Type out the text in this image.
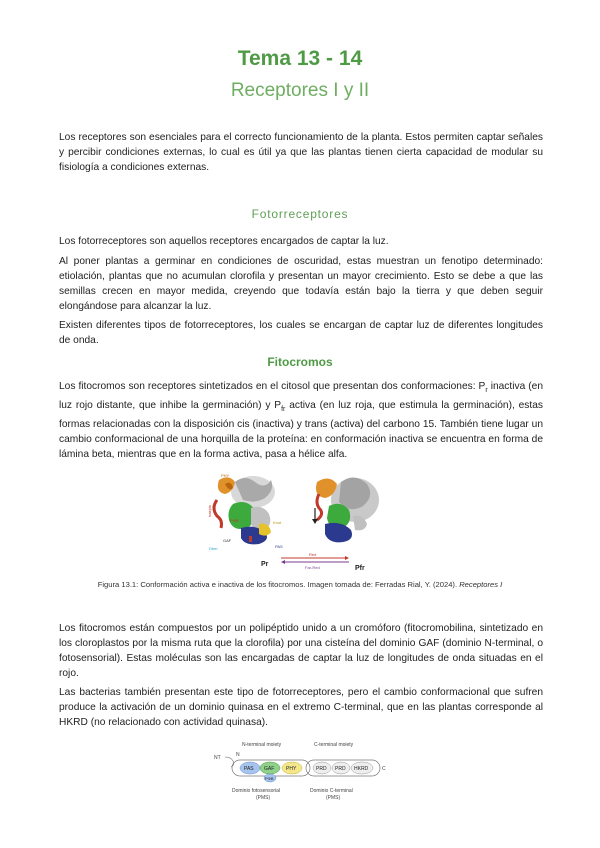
Tema 13 - 14
Receptores I y II

Los receptores son esenciales para el correcto funcionamiento de la planta. Estos permiten captar señales y percibir condiciones externas, lo cual es útil ya que las plantas tienen cierta capacidad de modular su fisiología a condiciones externas.

Fotorreceptores

Los fotorreceptores son aquellos receptores encargados de captar la luz.

Al poner plantas a germinar en condiciones de oscuridad, estas muestran un fenotipo determinado: etiolación, plantas que no acumulan clorofila y presentan un mayor crecimiento. Esto se debe a que las semillas crecen en mayor medida, creyendo que todavía están bajo la tierra y que deben seguir elongándose para alcanzar la luz.

Existen diferentes tipos de fotorreceptores, los cuales se encargan de captar luz de diferentes longitudes de onda.

Fitocromos

Los fitocromos son receptores sintetizados en el citosol que presentan dos conformaciones: $P_r$ inactiva (en luz rojo distante, que inhibe la germinación) y $P_{fr}$ activa (en luz roja, que estimula la germinación), estas formas relacionadas con la disposición cis (inactiva) y trans (activa) del carbono 15. También tiene lugar un cambio conformacional de una horquilla de la proteína: en conformación inactiva se encuentra en forma de lámina beta, mientras que en la forma activa, pasa a hélice alfa.

PHY
hairpin
PΦB
GAF
Dbm
Knot
PAS
Pr
Pfr
Red
Far-Red
Figura 13.1: Conformación activa e inactiva de los fitocromos. Imagen tomada de: Ferradas Rial, Y. (2024). Receptores I

Los fitocromos están compuestos por un polipéptido unido a un cromóforo (fitocromobilina, sintetizado en los cloroplastos por la misma ruta que la clorofila) por una cisteína del dominio GAF (dominio N-terminal, o fotosensorial). Estas moléculas son las encargadas de captar la luz de longitudes de onda situadas en el rojo.

Las bacterias también presentan este tipo de fotorreceptores, pero el cambio conformacional que sufren produce la activación de un dominio quinasa en el extremo C-terminal, que en las plantas corresponde al HKRD (no relacionado con actividad quinasa).

N-terminal moiety	C-terminal moiety
NT	N
PAS GAF
PΦB
PHY	PRD PRD HKRD	C
Dominio fotosensorial
(PMS)
Dominio C-terminal
(PMS)
